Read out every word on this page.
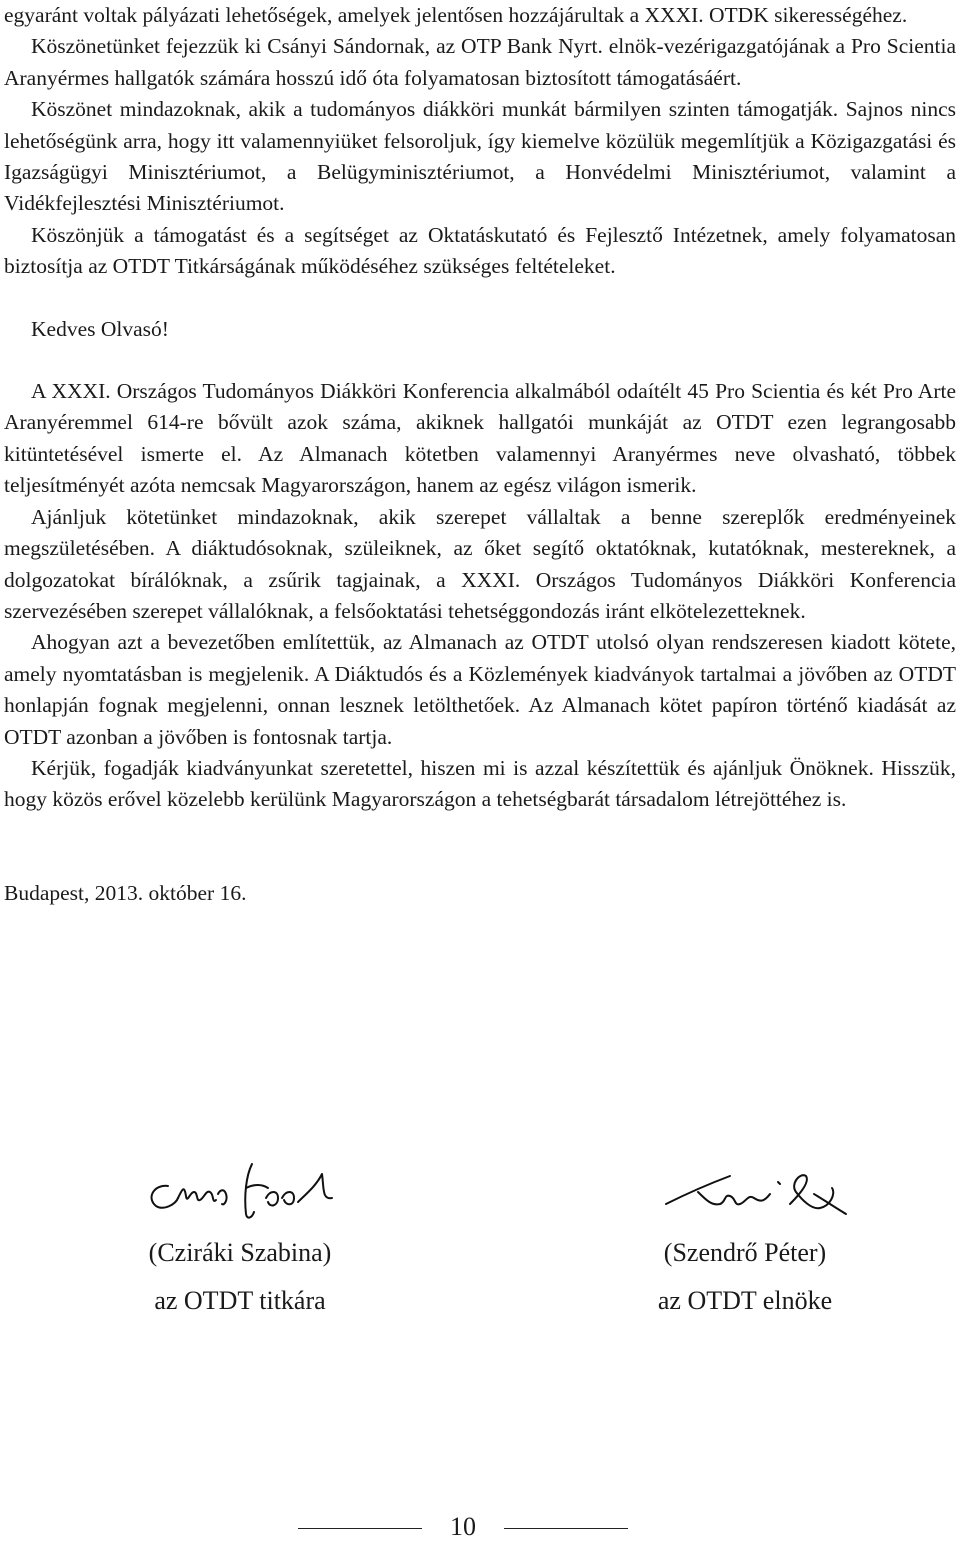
egyaránt voltak pályázati lehetőségek, amelyek jelentősen hozzájárultak a XXXI. OTDK sikerességéhez.

Köszönetünket fejezzük ki Csányi Sándornak, az OTP Bank Nyrt. elnök-vezérigazgatójának a Pro Scientia Aranyérmes hallgatók számára hosszú idő óta folyamatosan biztosított támogatásáért.

Köszönet mindazoknak, akik a tudományos diákköri munkát bármilyen szinten támogatják. Sajnos nincs lehetőségünk arra, hogy itt valamennyiüket felsoroljuk, így kiemelve közülük megemlítjük a Közigazgatási és Igazságügyi Minisztériumot, a Belügyminisztériumot, a Honvédelmi Minisztériumot, valamint a Vidékfejlesztési Minisztériumot.

Köszönjük a támogatást és a segítséget az Oktatáskutató és Fejlesztő Intézetnek, amely folyamatosan biztosítja az OTDT Titkárságának működéséhez szükséges feltételeket.

Kedves Olvasó!

A XXXI. Országos Tudományos Diákköri Konferencia alkalmából odaítélt 45 Pro Scientia és két Pro Arte Aranyéremmel 614-re bővült azok száma, akiknek hallgatói munkáját az OTDT ezen legrangosabb kitüntetésével ismerte el. Az Almanach kötetben valamennyi Aranyérmes neve olvasható, többek teljesítményét azóta nemcsak Magyarországon, hanem az egész világon ismerik.

Ajánljuk kötetünket mindazoknak, akik szerepet vállaltak a benne szereplők eredményeinek megszületésében. A diáktudósoknak, szüleiknek, az őket segítő oktatóknak, kutatóknak, mestereknek, a dolgozatokat bírálóknak, a zsűrik tagjainak, a XXXI. Országos Tudományos Diákköri Konferencia szervezésében szerepet vállalóknak, a felsőoktatási tehetséggondozás iránt elkötelezetteknek.

Ahogyan azt a bevezetőben említettük, az Almanach az OTDT utolsó olyan rendszeresen kiadott kötete, amely nyomtatásban is megjelenik. A Diáktudós és a Közlemények kiadványok tartalmai a jövőben az OTDT honlapján fognak megjelenni, onnan lesznek letölthetőek. Az Almanach kötet papíron történő kiadását az OTDT azonban a jövőben is fontosnak tartja.

Kérjük, fogadják kiadványunkat szeretettel, hiszen mi is azzal készítettük és ajánljuk Önöknek. Hisszük, hogy közös erővel közelebb kerülünk Magyarországon a tehetségbarát társadalom létrejöttéhez is.

Budapest, 2013. október 16.

(Cziráki Szabina)
az OTDT titkára
(Szendrő Péter)
az OTDT elnöke
10
